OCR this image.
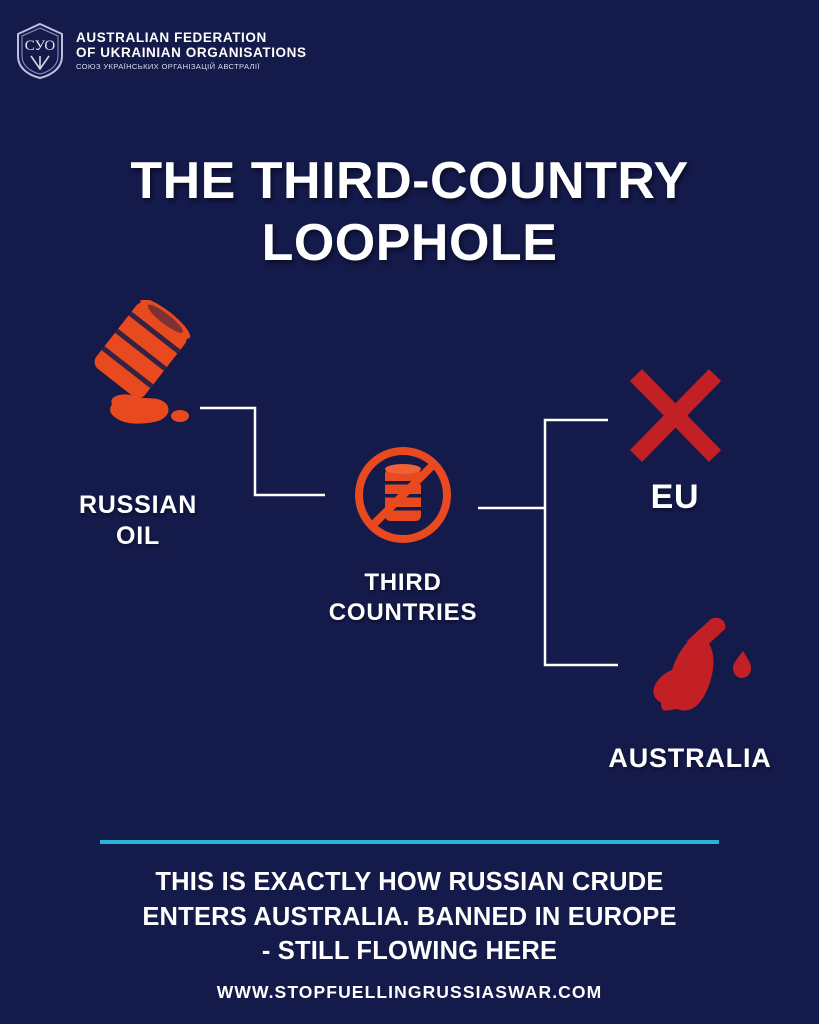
СУО
AUSTRALIAN FEDERATION
OF UKRAINIAN ORGANISATIONS
СОЮЗ УКРАЇНСЬКИХ ОРГАНІЗАЦІЙ АВСТРАЛІЇ
THE THIRD-COUNTRY LOOPHOLE
RUSSIAN
OIL
THIRD
COUNTRIES
EU
AUSTRALIA
THIS IS EXACTLY HOW RUSSIAN CRUDE
ENTERS AUSTRALIA. BANNED IN EUROPE
- STILL FLOWING HERE
WWW.STOPFUELLINGRUSSIASWAR.COM
